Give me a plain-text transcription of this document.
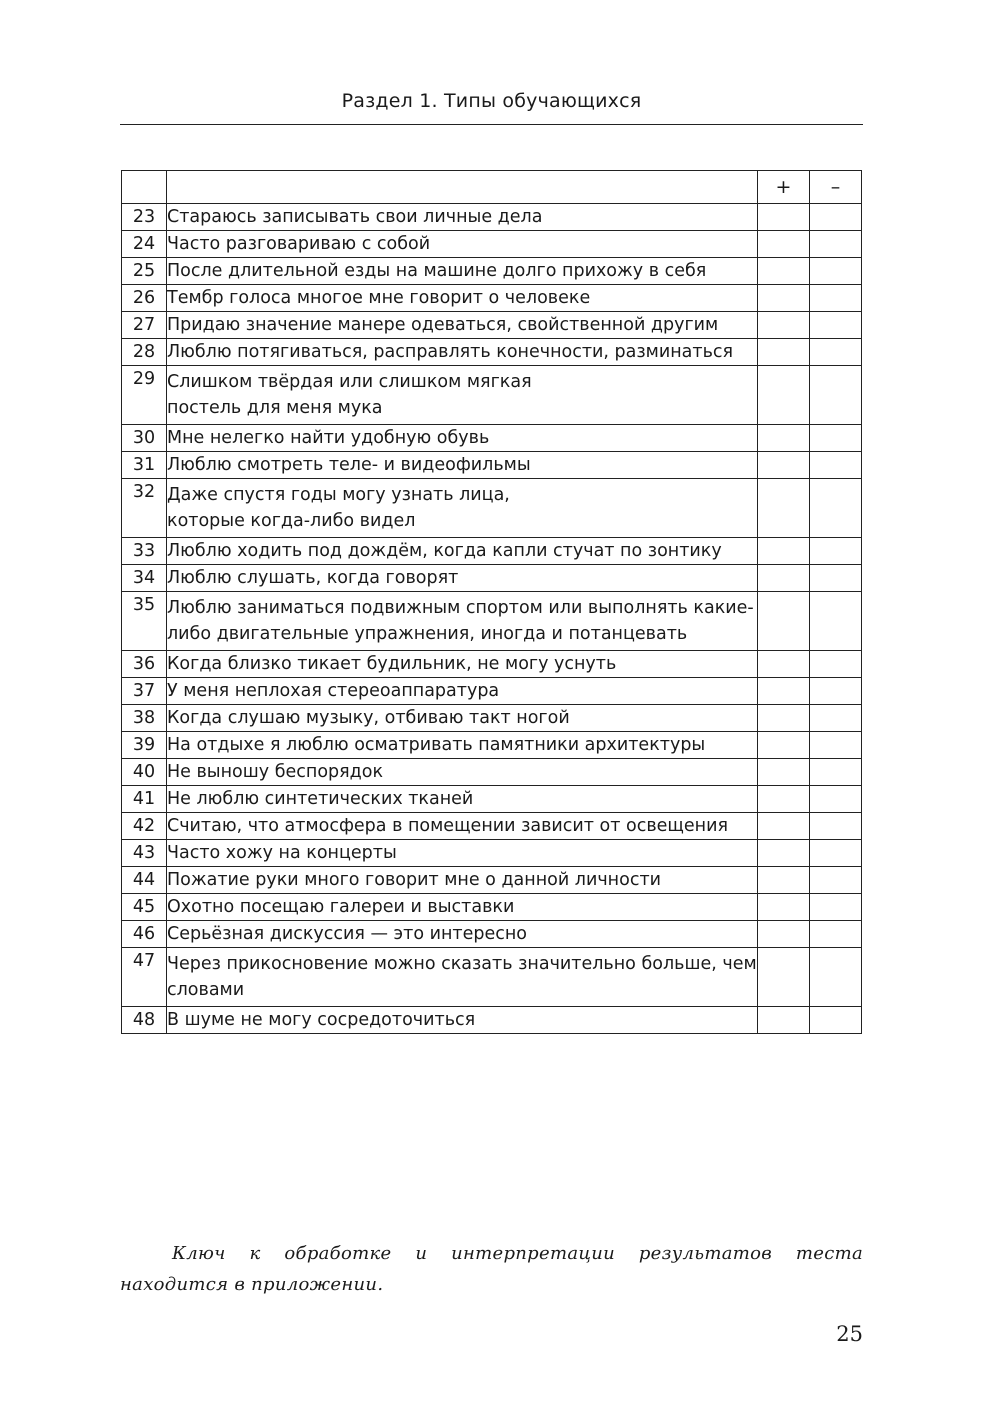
Раздел 1. Типы обучающихся
		+	–
23	Стараюсь записывать свои личные дела		
24	Часто разговариваю с собой		
25	После длительной езды на машине долго прихожу в себя		
26	Тембр голоса многое мне говорит о человеке		
27	Придаю значение манере одеваться, свойственной другим		
28	Люблю потягиваться, расправлять конечности, разминаться		
29	Слишком твёрдая или слишком мягкая постель для меня мука		
30	Мне нелегко найти удобную обувь		
31	Люблю смотреть теле- и видеофильмы		
32	Даже спустя годы могу узнать лица, которые когда-либо видел		
33	Люблю ходить под дождём, когда капли стучат по зонтику		
34	Люблю слушать, когда говорят		
35	Люблю заниматься подвижным спортом или выполнять какие-либо двигательные упражнения, иногда и потанцевать		
36	Когда близко тикает будильник, не могу уснуть		
37	У меня неплохая стереоаппаратура		
38	Когда слушаю музыку, отбиваю такт ногой		
39	На отдыхе я люблю осматривать памятники архитектуры		
40	Не выношу беспорядок		
41	Не люблю синтетических тканей		
42	Считаю, что атмосфера в помещении зависит от освещения		
43	Часто хожу на концерты		
44	Пожатие руки много говорит мне о данной личности		
45	Охотно посещаю галереи и выставки		
46	Серьёзная дискуссия — это интересно		
47	Через прикосновение можно сказать значительно больше, чем словами		
48	В шуме не могу сосредоточиться		
Ключ к обработке и интерпретации результатов теста находится в приложении.
25
